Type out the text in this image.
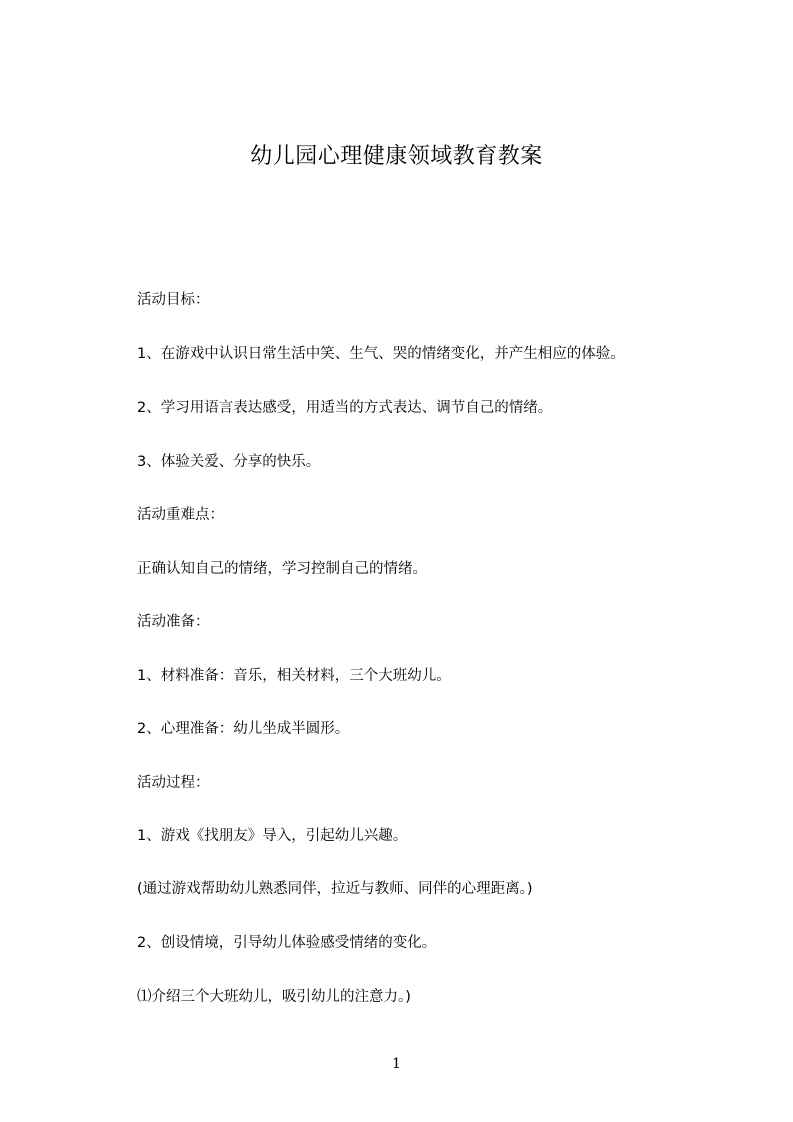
幼儿园心理健康领域教育教案
活动目标：
1、在游戏中认识日常生活中笑、生气、哭的情绪变化，并产生相应的体验。
2、学习用语言表达感受，用适当的方式表达、调节自己的情绪。
3、体验关爱、分享的快乐。
活动重难点：
正确认知自己的情绪，学习控制自己的情绪。
活动准备：
1、材料准备：音乐，相关材料，三个大班幼儿。
2、心理准备：幼儿坐成半圆形。
活动过程：
1、游戏《找朋友》导入，引起幼儿兴趣。
(通过游戏帮助幼儿熟悉同伴，拉近与教师、同伴的心理距离。)
2、创设情境，引导幼儿体验感受情绪的变化。
⑴介绍三个大班幼儿，吸引幼儿的注意力。)
1
